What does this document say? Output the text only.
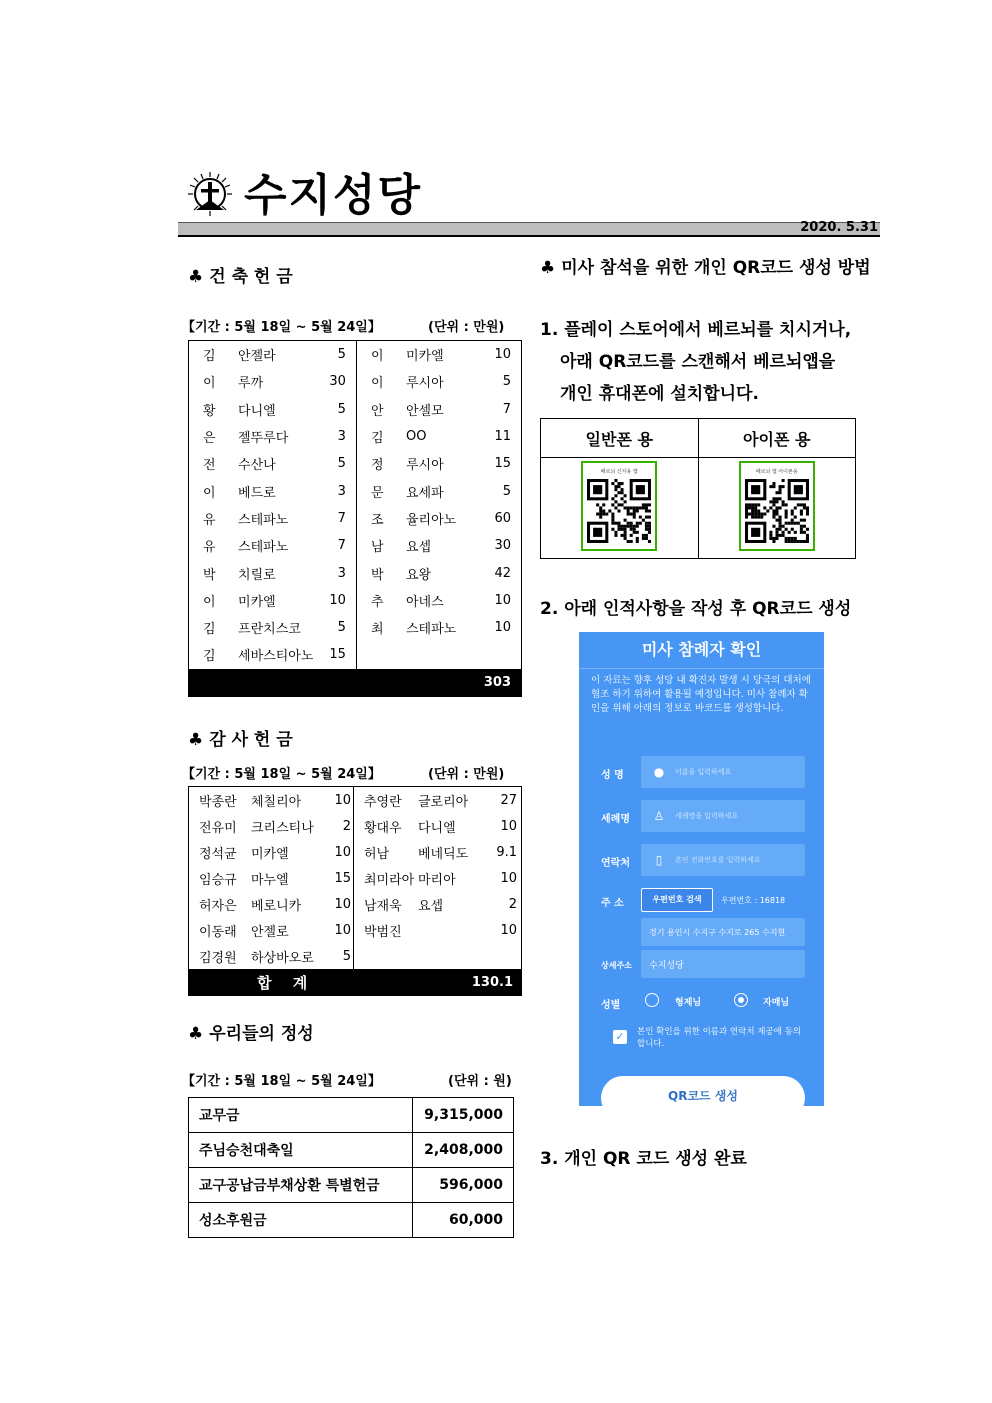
수지성당
2020. 5.31
♣ 건 축 헌 금
【기간 : 5월 18일 ~ 5월 24일】	(단위 : 만원)
김	안젤라	5	이	미카엘	10
이	루까	30	이	루시아	5
황	다니엘	5	안	안셀모	7
은	젤뚜루다	3	김	OO	11
전	수산나	5	정	루시아	15
이	베드로	3	문	요세파	5
유	스테파노	7	조	율리아노	60
유	스테파노	7	남	요셉	30
박	치릴로	3	박	요왕	42
이	미카엘	10	추	아네스	10
김	프란치스코	5	최	스테파노	10
김	세바스티아노	15			
303					
♣ 감 사 헌 금
【기간 : 5월 18일 ~ 5월 24일】	(단위 : 만원)
박종란	체칠리아	10	추영란	글로리아	27
전유미	크리스티나	2	황대우	다니엘	10
정석균	미카엘	10	허남	베네딕도	9.1
임승규	마누엘	15	최미라아	마리아	10
허자은	베로니카	10	남재욱	요셉	2
이동래	안젤로	10	박범진		10
김경원	하상바오로	5			
합 계			130.1		
♣ 우리들의 정성
【기간 : 5월 18일 ~ 5월 24일】	(단위 : 원)
교무금	9,315,000
주님승천대축일	2,408,000
교구공납금부채상환 특별헌금	596,000
성소후원금	60,000
♣ 미사 참석을 위한 개인 QR코드 생성 방법
1. 플레이 스토어에서 베르뇌를 치시거나,
아래 QR코드를 스캔해서 베르뇌앱을
개인 휴대폰에 설치합니다.
일반폰 용	아이폰 용

베르뇌 신자용 앱	베르뇌 앱 아이폰용
2. 아래 인적사항을 작성 후 QR코드 생성
미사 참례자 확인
이 자료는 향후 성당 내 확진자 발생 시 당국의 대처에 협조 하기 위하여 활용될 예정입니다. 미사 참례자 확인을 위해 아래의 정보로 바코드를 생성합니다.
성 명 ●	이름을 입력하세요
세례명 ♙	세례명을 입력하세요
연락처	▯	본인 전화번호를 입력하세요
주 소	우편번호 검색	우편번호 : 16818
경기 용인시 수지구 수지로 265 수지현
상세주소 수지성당
성별	형제님	자매님
✓ 본인 확인을 위한 이름과 연락처 제공에 동의 합니다.
QR코드 생성
3. 개인 QR 코드 생성 완료
